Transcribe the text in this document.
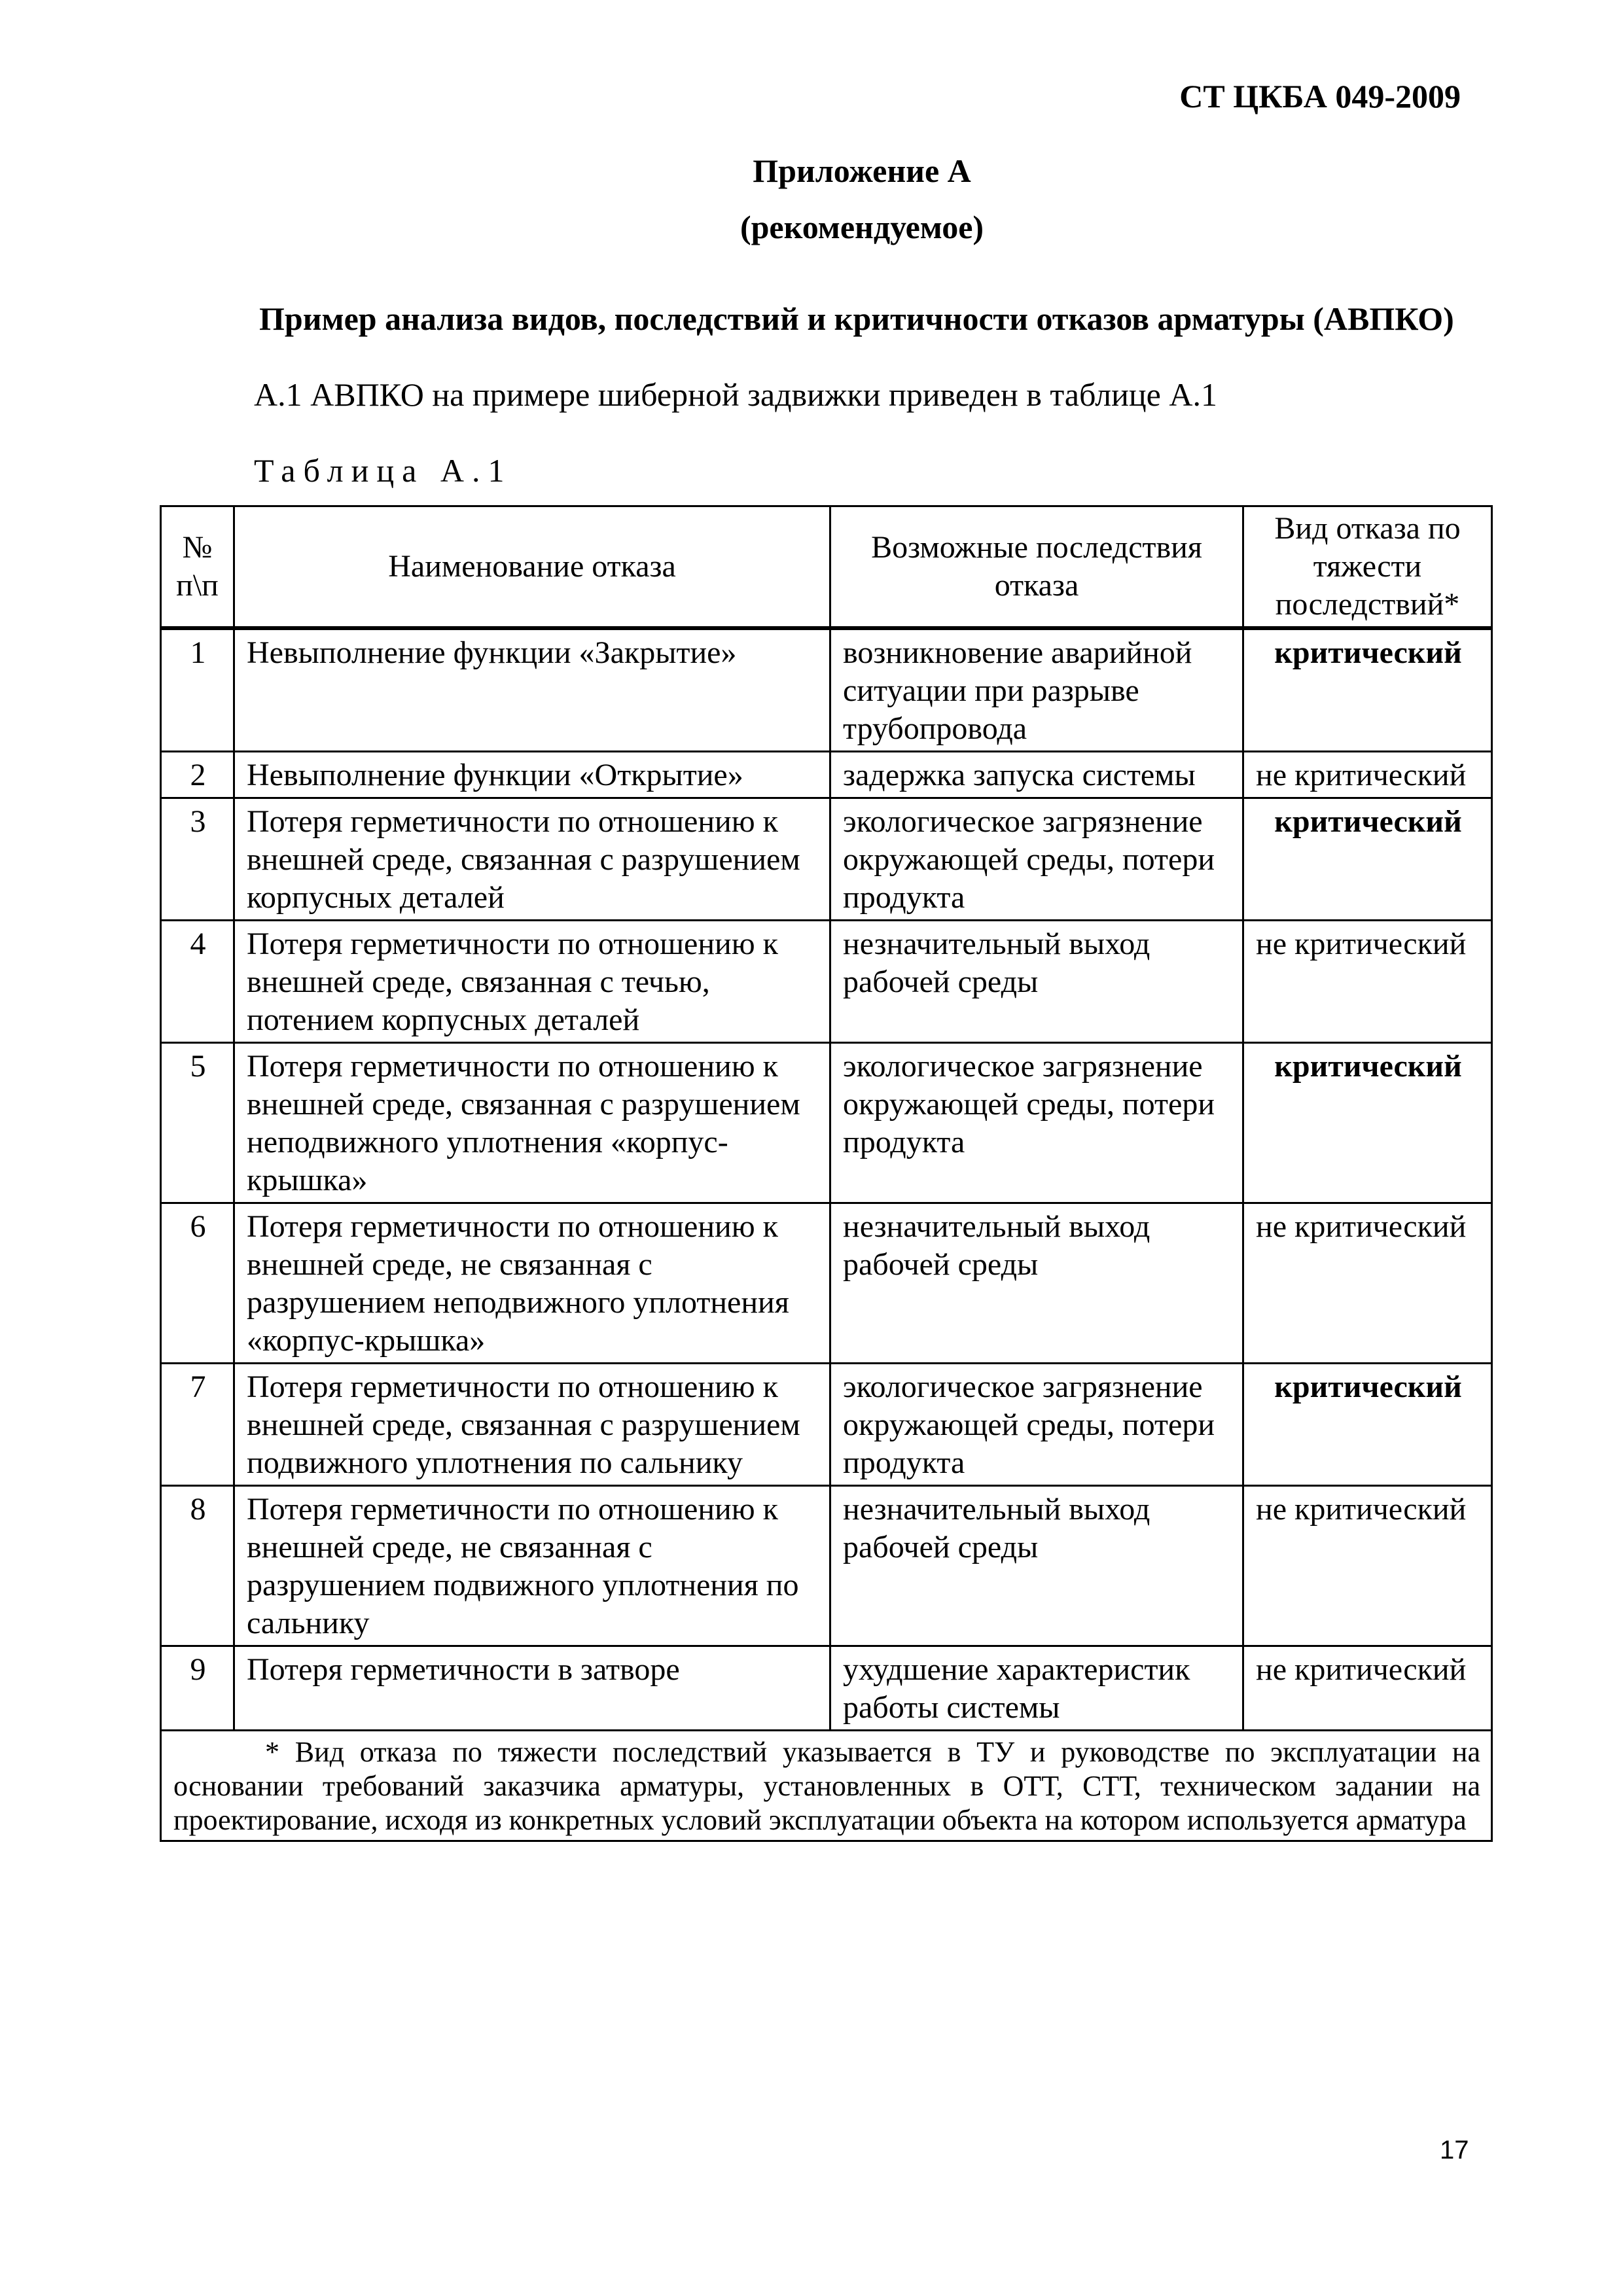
СТ ЦКБА 049-2009
Приложение А
(рекомендуемое)
Пример анализа видов, последствий и критичности отказов арматуры (АВПКО)
А.1 АВПКО на примере шиберной задвижки приведен в таблице А.1
Таблица А.1
№ п\п	Наименование отказа	Возможные последствия отказа	Вид отказа по тяжести последствий*
1	Невыполнение функции «Закрытие»	возникновение аварийной ситуации при разрыве трубопровода	критический
2	Невыполнение функции «Открытие»	задержка запуска системы	не критический
3	Потеря герметичности по отношению к внешней среде, связанная с разрушением корпусных деталей	экологическое загрязнение окружающей среды, потери продукта	критический
4	Потеря герметичности по отношению к внешней среде, связанная с течью, потением корпусных деталей	незначительный выход рабочей среды	не критический
5	Потеря герметичности по отношению к внешней среде, связанная с разрушением неподвижного уплотнения «корпус-крышка»	экологическое загрязнение окружающей среды, потери продукта	критический
6	Потеря герметичности по отношению к внешней среде, не связанная с разрушением неподвижного уплотнения «корпус-крышка»	незначительный выход рабочей среды	не критический
7	Потеря герметичности по отношению к внешней среде, связанная с разрушением подвижного уплотнения по сальнику	экологическое загрязнение окружающей среды, потери продукта	критический
8	Потеря герметичности по отношению к внешней среде, не связанная с разрушением подвижного уплотнения по сальнику	незначительный выход рабочей среды	не критический
9	Потеря герметичности в затворе	ухудшение характеристик работы системы	не критический

* Вид отказа по тяжести последствий указывается в ТУ и руководстве по эксплуатации на основании требований заказчика арматуры, установленных в ОТТ, СТТ, техническом задании на проектирование, исходя из конкретных условий эксплуатации объекта на котором используется арматура			
17
